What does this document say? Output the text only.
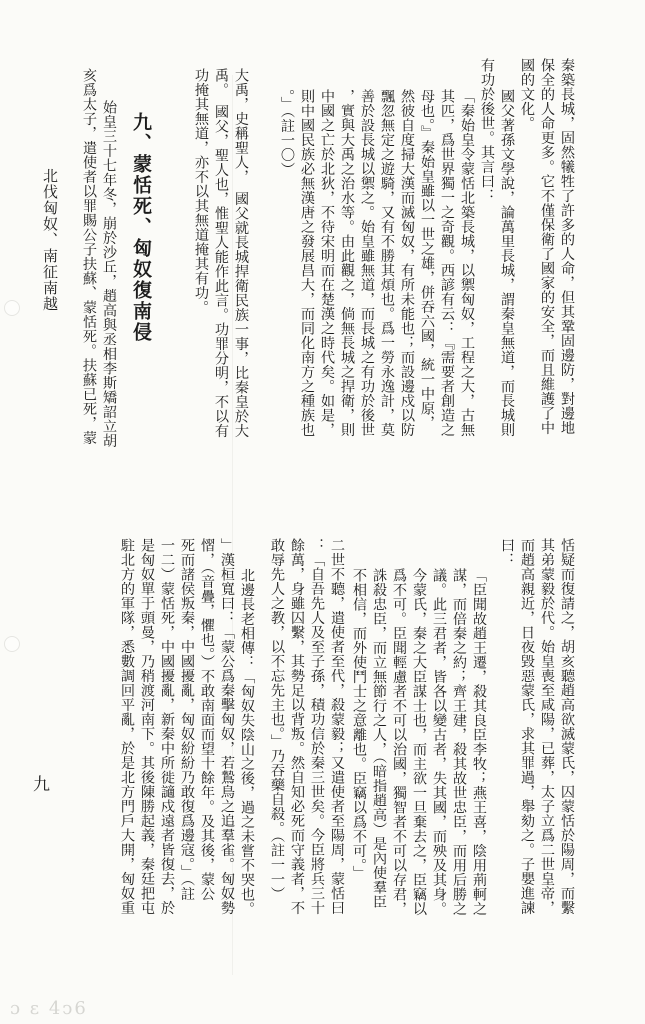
北伐匈奴、南征南越	秦築長城，固然犧牲了許多的人命，但其鞏固邊防，對邊地
保全的人命更多。它不僅保衛了國家的安全，而且維護了中
國的文化。
國父著孫文學說，論萬里長城，謂秦皇無道，而長城則
有功於後世。其言曰：
「秦始皇令蒙恬北築長城，以禦匈奴，工程之大，古無
其匹，爲世界獨一之奇觀。西諺有云：『需要者創造之
母也。』秦始皇雖以一世之雄，併吞六國，統一中原，
然彼自度掃大漢而滅匈奴，有所未能也；而設邊戍以防
飄忽無定之遊騎，又有不勝其煩也。爲一勞永逸計，莫
善於設長城以禦之。始皇雖無道，而長城之有功於後世
，實與大禹之治水等。由此觀之，倘無長城之捍衛，則
中國之亡於北狄，不待宋明而在楚漢之時代矣。如是，
則中國民族必無漢唐之發展昌大，而同化南方之種族也
。」（註一〇）
大禹，史稱聖人，　國父就長城捍衛民族一事，比秦皇於大
禹。　國父，聖人也，惟聖人能作此言。功罪分明，不以有
功掩其無道，亦不以其無道掩其有功。
九、蒙恬死、匈奴復南侵
始皇三十七年冬，崩於沙丘，趙高與丞相李斯矯詔立胡
亥爲太子，遣使者以罪賜公子扶蘇、蒙恬死。扶蘇已死，蒙
恬疑而復請之，胡亥聽趙高欲滅蒙氏，囚蒙恬於陽周，而繫
其弟蒙毅於代。始皇喪至咸陽，已葬，太子立爲二世皇帝，
而趙高親近，日夜毀惡蒙氏，求其罪過，舉劾之。子嬰進諫
曰：
「臣聞故趙王遷，殺其良臣李牧；燕王喜，陰用荊軻之
謀，而倍秦之約；齊王建，殺其故世忠臣，而用后勝之
議。此三君者，皆各以變古者，失其國，而殃及其身。
今蒙氏，秦之大臣謀士也，而主欲一旦棄去之，臣竊以
爲不可。臣聞輕慮者不可以治國，獨智者不可以存君，
誅殺忠臣，而立無節行之人，（暗指趙高）是內使羣臣
不相信，而外使鬥士之意離也。臣竊以爲不可。」
二世不聽，遣使者至代，殺蒙毅；又遣使者至陽周，蒙恬曰
：「自吾先人及至子孫，積功信於秦三世矣。今臣將兵三十
餘萬，身雖囚繫，其勢足以背叛。然自知必死而守義者，不
敢辱先人之教，以不忘先主也。」乃吞藥自殺。（註一一）
北邊長老相傳：「匈奴失陰山之後，過之未嘗不哭也。
」漢桓寬曰：「蒙公爲秦擊匈奴，若鷙鳥之追羣雀。匈奴勢
慴，（音疊，懼也。）不敢南面而望十餘年。及其後，蒙公
死而諸侯叛秦，中國擾亂，匈奴紛紛乃敢復爲邊寇。」（註
一二）蒙恬死，中國擾亂，新秦中所徙讁戍遠者皆復去，於
是匈奴單于頭曼，乃稍渡河南下。其後陳勝起義，秦廷把屯
駐北方的軍隊，悉數調回平亂，於是北方門戶大開，匈奴重
九
ɔ ɛ 4ↄ6
